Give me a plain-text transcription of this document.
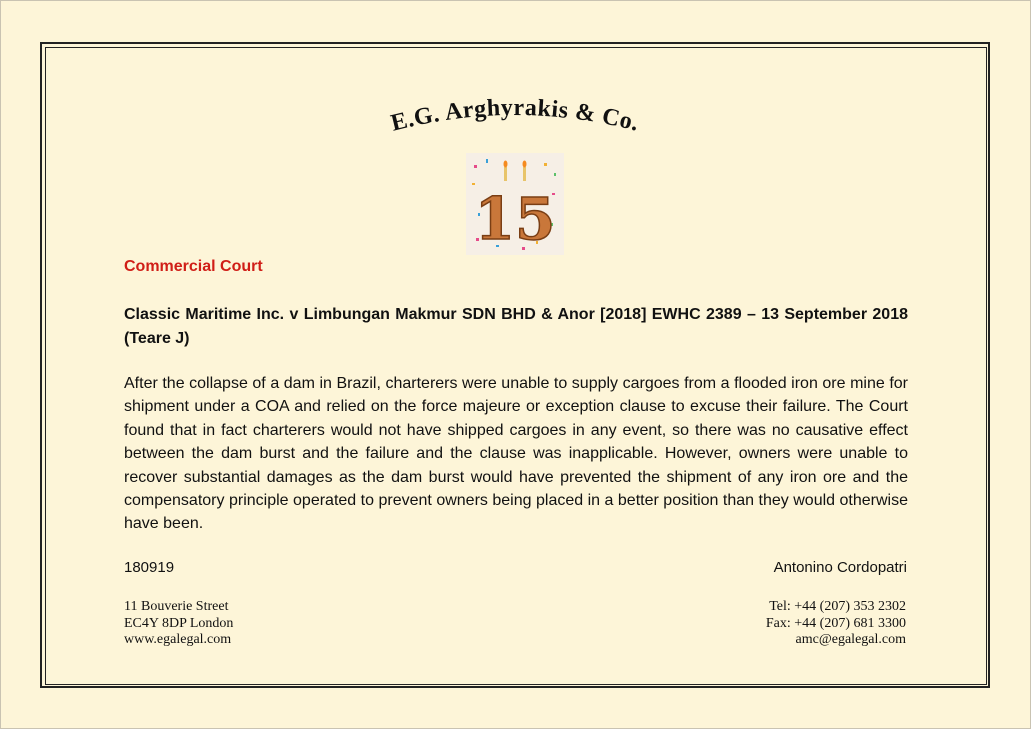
E.G. Arghyrakis & Co.
15
Commercial Court
Classic Maritime Inc. v Limbungan Makmur SDN BHD & Anor [2018] EWHC 2389 – 13 September 2018 (Teare J)
After the collapse of a dam in Brazil, charterers were unable to supply cargoes from a flooded iron ore mine for shipment under a COA and relied on the force majeure or exception clause to excuse their failure. The Court found that in fact charterers would not have shipped cargoes in any event, so there was no causative effect between the dam burst and the failure and the clause was inapplicable. However, owners were unable to recover substantial damages as the dam burst would have prevented the shipment of any iron ore and the compensatory principle operated to prevent owners being placed in a better position than they would otherwise have been.
180919	Antonino Cordopatri
11 Bouverie Street
EC4Y 8DP London
www.egalegal.com
Tel: +44 (207) 353 2302
Fax: +44 (207) 681 3300
amc@egalegal.com
